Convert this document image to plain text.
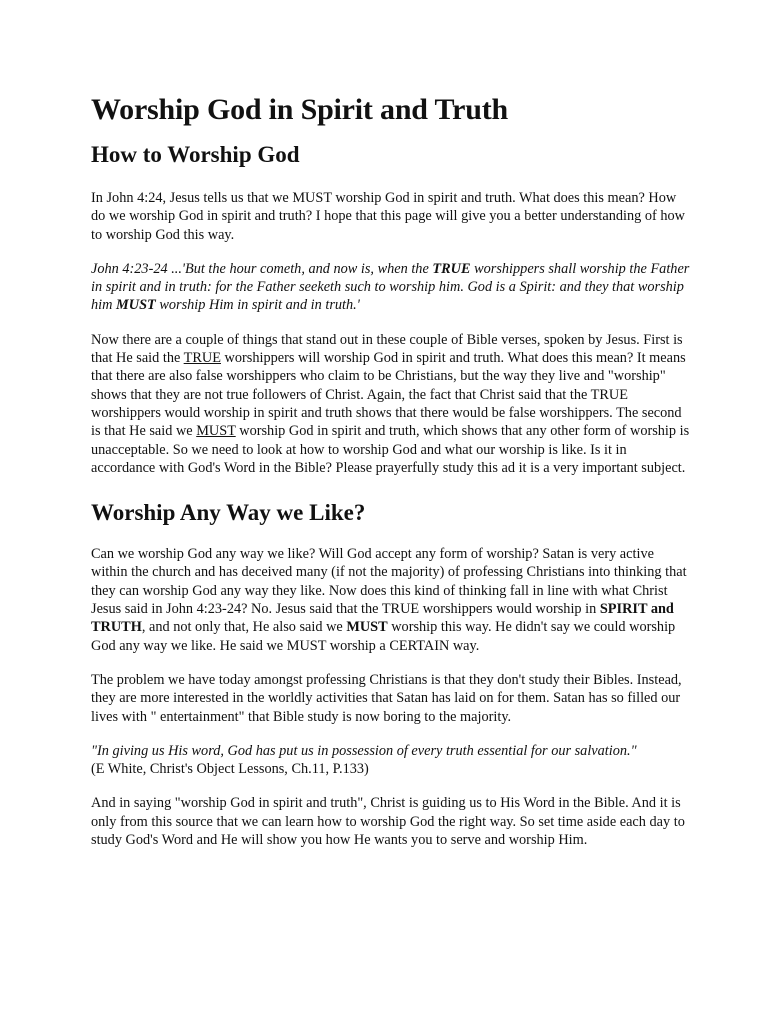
Worship God in Spirit and Truth
How to Worship God

In John 4:24, Jesus tells us that we MUST worship God in spirit and truth. What does this mean? How do we worship God in spirit and truth? I hope that this page will give you a better understanding of how to worship God this way.

John 4:23-24 ...'But the hour cometh, and now is, when the TRUE worshippers shall worship the Father in spirit and in truth: for the Father seeketh such to worship him. God is a Spirit: and they that worship him MUST worship Him in spirit and in truth.'

Now there are a couple of things that stand out in these couple of Bible verses, spoken by Jesus. First is that He said the TRUE worshippers will worship God in spirit and truth. What does this mean? It means that there are also false worshippers who claim to be Christians, but the way they live and "worship" shows that they are not true followers of Christ. Again, the fact that Christ said that the TRUE worshippers would worship in spirit and truth shows that there would be false worshippers. The second is that He said we MUST worship God in spirit and truth, which shows that any other form of worship is unacceptable. So we need to look at how to worship God and what our worship is like. Is it in accordance with God's Word in the Bible? Please prayerfully study this ad it is a very important subject.

Worship Any Way we Like?

Can we worship God any way we like? Will God accept any form of worship? Satan is very active within the church and has deceived many (if not the majority) of professing Christians into thinking that they can worship God any way they like. Now does this kind of thinking fall in line with what Christ Jesus said in John 4:23-24? No. Jesus said that the TRUE worshippers would worship in SPIRIT and TRUTH, and not only that, He also said we MUST worship this way. He didn't say we could worship God any way we like. He said we MUST worship a CERTAIN way.

The problem we have today amongst professing Christians is that they don't study their Bibles. Instead, they are more interested in the worldly activities that Satan has laid on for them. Satan has so filled our lives with " entertainment" that Bible study is now boring to the majority.

"In giving us His word, God has put us in possession of every truth essential for our salvation."
(E White, Christ's Object Lessons, Ch.11, P.133)

And in saying "worship God in spirit and truth", Christ is guiding us to His Word in the Bible. And it is only from this source that we can learn how to worship God the right way. So set time aside each day to study God's Word and He will show you how He wants you to serve and worship Him.
